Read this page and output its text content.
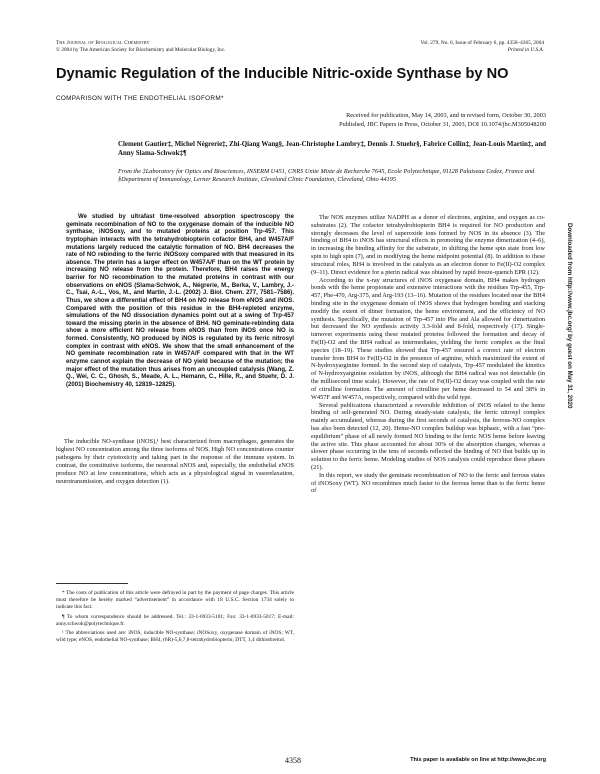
The Journal of Biological Chemistry
© 2004 by The American Society for Biochemistry and Molecular Biology, Inc.
Vol. 279, No. 6, Issue of February 6, pp. 4358–4365, 2004
Printed in U.S.A.
Dynamic Regulation of the Inducible Nitric-oxide Synthase by NO
COMPARISON WITH THE ENDOTHELIAL ISOFORM*
Received for publication, May 14, 2003, and in revised form, October 30, 2003
Published, JBC Papers in Press, October 31, 2003, DOI 10.1074/jbc.M305048200
Clement Gautier‡, Michel Négrerie‡, Zhi-Qiang Wang§, Jean-Christophe Lambry‡, Dennis J. Stuehr§, Fabrice Collin‡, Jean-Louis Martin‡, and Anny Slama-Schwok‡¶
From the ‡Laboratory for Optics and Biosciences, INSERM U451, CNRS Unite Mixte de Recherche 7645, Ecole Polytechnique, 91128 Palaiseau Cedex, France and §Department of Immunology, Lerner Research Institute, Cleveland Clinic Foundation, Cleveland, Ohio 44195

We studied by ultrafast time-resolved absorption spectroscopy the geminate recombination of NO to the oxygenase domain of the inducible NO synthase, iNOSoxy, and to mutated proteins at position Trp-457. This tryptophan interacts with the tetrahydrobiopterin cofactor BH4, and W457A/F mutations largely reduced the catalytic formation of NO. BH4 decreases the rate of NO rebinding to the ferric iNOSoxy compared with that measured in its absence. The pterin has a larger effect on W457A/F than on the WT protein by increasing NO release from the protein. Therefore, BH4 raises the energy barrier for NO recombination to the mutated proteins in contrast with our observations on eNOS (Slama-Schwok, A., Négrerie, M., Berka, V., Lambry, J.-C., Tsai, A.-L., Vos, M., and Martin, J.-L. (2002) J. Biol. Chem. 277, 7581–7586). Thus, we show a differential effect of BH4 on NO release from eNOS and iNOS. Compared with the position of this residue in the BH4-repleted enzyme, simulations of the NO dissociation dynamics point out at a swing of Trp-457 toward the missing pterin in the absence of BH4. NO geminate-rebinding data show a more efficient NO release from eNOS than from iNOS once NO is formed. Consistently, NO produced by iNOS is regulated by its ferric nitrosyl complex in contrast with eNOS. We show that the small enhancement of the NO geminate recombination rate in W457A/F compared with that in the WT enzyme cannot explain the decrease of NO yield because of the mutation; the major effect of the mutation thus arises from an uncoupled catalysis (Wang, Z. Q., Wei, C. C., Ghosh, S., Meade, A. L., Hemann, C., Hille, R., and Stuehr, D. J. (2001) Biochemistry 40, 12819–12825).

The inducible NO-synthase (iNOS),¹ best characterized from macrophages, generates the highest NO concentration among the three isoforms of NOS. High NO concentrations counter pathogens by their cytotoxicity and taking part in the response of the immune system. In contrast, the constitutive isoforms, the neuronal nNOS and, especially, the endothelial eNOS produce NO at low concentrations, which acts as a physiological signal in vasorelaxation, neurotransmission, and oxygen detection (1).

The NOS enzymes utilize NADPH as a donor of electrons, arginine, and oxygen as co-substrates (2). The cofactor tetrahydrobiopterin BH4 is required for NO production and strongly decreases the level of superoxide ions formed by NOS in its absence (3). The binding of BH4 to iNOS has structural effects in promoting the enzyme dimerization (4–6), in increasing the binding affinity for the substrate, in shifting the heme spin state from low spin to high spin (7), and in modifying the heme midpoint potential (8). In addition to these structural roles, BH4 is involved in the catalysis as an electron donor to Fe(II)-O2 complex (9–11). Direct evidence for a pterin radical was obtained by rapid freeze-quench EPR (12).

According to the x-ray structures of iNOS oxygenase domain, BH4 makes hydrogen bonds with the heme propionate and extensive interactions with the residues Trp-455, Trp-457, Phe-470, Arg-375, and Arg-193 (13–16). Mutation of the residues located near the BH4 binding site in the oxygenase domain of iNOS shows that hydrogen bonding and stacking modify the extent of dimer formation, the heme environment, and the efficiency of NO synthesis. Specifically, the mutation of Trp-457 into Phe and Ala allowed for dimerization but decreased the NO synthesis activity 3.3-fold and 8-fold, respectively (17). Single-turnover experiments using these mutated proteins followed the formation and decay of Fe(II)-O2 and the BH4 radical as intermediates, yielding the ferric complex as the final species (18–19). These studies showed that Trp-457 ensured a correct rate of electron transfer from BH4 to Fe(II)-O2 in the presence of arginine, which maximized the extent of N-hydroxyarginine formed. In the second step of catalysis, Trp-457 modulated the kinetics of N-hydroxyarginine oxidation by iNOS, although the BH4 radical was not detectable (in the millisecond time scale). However, the rate of Fe(II)-O2 decay was coupled with the rate of citrulline formation. The amount of citrulline per heme decreased to 54 and 38% in W457F and W457A, respectively, compared with the wild type.

Several publications characterized a reversible inhibition of iNOS related to the heme binding of self-generated NO. During steady-state catalysis, the ferric nitrosyl complex mainly accumulated, whereas during the first seconds of catalysis, the ferrous-NO complex has also been detected (12, 20). Heme-NO complex buildup was biphasic, with a fast “pre-equilibrium” phase of all newly formed NO binding to the ferric NOS heme before leaving the active site. This phase accounted for about 30% of the absorption changes, whereas a slower phase occurring in the tens of seconds reflected the binding of NO that builds up in solution to the ferric heme. Modeling studies of NOS catalysis could reproduce these phases (21).

In this report, we study the geminate recombination of NO to the ferric and ferrous states of iNOSoxy (WT). NO recombines much faster to the ferrous heme than to the ferric heme of

* The costs of publication of this article were defrayed in part by the payment of page charges. This article must therefore be hereby marked “advertisement” in accordance with 18 U.S.C. Section 1734 solely to indicate this fact.

¶ To whom correspondence should be addressed. Tel.: 33-1-6933-5101; Fax: 33-1-6933-5017; E-mail: anny.schwok@polytechnique.fr.

¹ The abbreviations used are: iNOS, inducible NO-synthase; iNOSoxy, oxygenase domain of iNOS; WT, wild type; eNOS, endothelial NO-synthase; BH4, (6R)-5,6,7,8-tetrahydrobiopterin; DTT, 1,4 dithiothreitol.

Downloaded from http://www.jbc.org/ by guest on May 31, 2020
4358	This paper is available on line at http://www.jbc.org
